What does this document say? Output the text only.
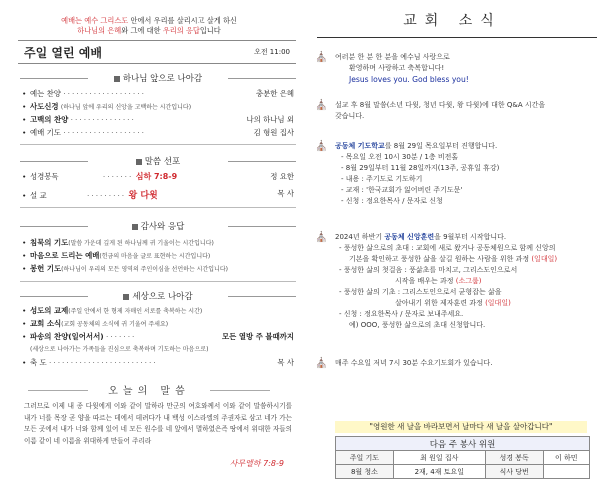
예배는 예수 그리스도 안에서 우리를 살리시고 살게 하신
하나님의 은혜와 그에 대한 우리의 응답입니다
주일 열린 예배	오전 11:00
하나님 앞으로 나아감
• 예는 찬양 ···················	충분한 은혜
• 사도신경 (하나님 앞에 우리의 신앙을 고백하는 시간입니다)
• 고백의 찬양 ···············	나의 하나님 외
• 예배 기도 ···················	김 형원 집사
말씀 선포
• 성경봉독	······· 심하 7:8-9	정 요한
• 설 교	········· 왕 다윗	목 사
감사와 응답
• 침묵의 기도(말씀 가운데 깊게 된 하나님께 귀 기울이는 시간입니다)
• 마음으로 드리는 예배(헌금의 마음을 글로 표현하는 시간입니다)
• 봉헌 기도(하나님이 우리의 모든 영역의 주인이심을 선언하는 시간입니다)
세상으로 나아감
• 성도의 교제(주일 안에서 한 형제 자매인 서로를 축복하는 시간)
• 교회 소식(교회 공동체의 소식에 귀 기울여 주세요)
• 파송의 찬양(일어서서) ·······	모든 열방 주 볼때까지
(세상으로 나아가는 가족들을 진심으로 축복하며 기도하는 마음으로)
• 축 도 ·························	목 사
오늘의 말씀
그러므로 이제 내 종 다윗에게 이와 같이 말하라 만군의 여호와께서 이와 같이 말씀하시기를 내가 너를 목장 곧 양을 따르는 데에서 데려다가 내 백성 이스라엘의 주권자로 삼고 네가 가는 모든 곳에서 내가 너와 함께 있어 네 모든 원수를 네 앞에서 멸하였은즉 땅에서 위대한 자들의 이름 같이 네 이름을 위대하게 만들어 주리라
사무엘하 7:8-9
교회 소식
⛪ 여러분 한 분 한 분을 예수님 사랑으로
환영하며 사랑하고 축복합니다!
Jesus loves you. God bless you!
⛪ 설교 후 8월 말씀(소년 다윗, 청년 다윗, 왕 다윗)에 대한 Q&A 시간을
갖습니다.
⛪ 공동체 기도학교를 8월 29일 목요일부터 진행합니다.
- 목요일 오전 10시 30분 / 1층 비전홀
- 8월 29일부터 11월 28일까지(13주, 공휴일 휴강)
- 내용 : 주기도로 기도하기
- 교재 : '한국교회가 잃어버린 주기도문'
- 신청 : 정요한목사 / 문자로 신청
⛪ 2024년 하반기 공동체 신앙훈련을 9월부터 시작합니다.
- 풍성한 삶으로의 초대 : 교회에 새로 왔거나 공동체원으로 함께 신앙의
기본을 확인하고 풍성한 삶을 살길 원하는 사람을 위한 과정 (일대일)
- 풍성한 삶의 첫걸음 : 풍삶초를 마치고, 그리스도인으로서
시작을 배우는 과정 (소그룹)
- 풍성한 삶의 기초 : 그리스도인으로서 균형잡는 삶을
살아내기 위한 제자훈련 과정 (일대일)
- 신청 : 정요한목사 / 문자로 보내주세요.
예) OOO, 풍성한 삶으로의 초대 신청합니다.
⛪ 매주 수요일 저녁 7시 30분 수요기도회가 있습니다.
"영원한 새 날을 바라보면서 날마다 새 날을 살아갑니다"
다음 주 봉사 위원			
주일 기도	최 원일 집사	성경 봉독	이 하민
8월 청소	2재, 4재 토요일	식사 당번	
